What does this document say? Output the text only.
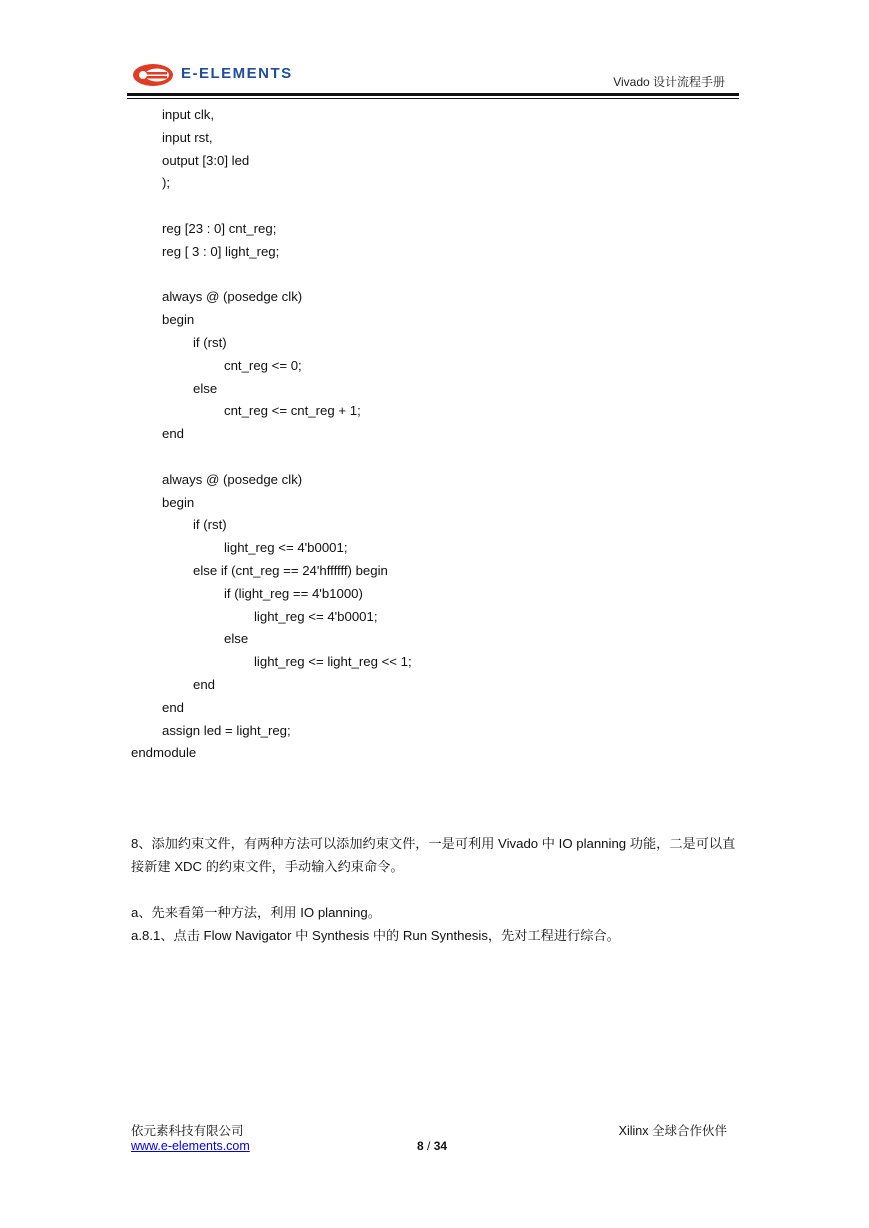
E-ELEMENTS	Vivado 设计流程手册
input clk,
input rst,
output [3:0] led
);
reg [23 : 0] cnt_reg;
reg [ 3 : 0] light_reg;
always @ (posedge clk)
begin
if (rst)
cnt_reg <= 0;
else
cnt_reg <= cnt_reg + 1;
end
always @ (posedge clk)
begin
if (rst)
light_reg <= 4'b0001;
else if (cnt_reg == 24'hffffff) begin
if (light_reg == 4'b1000)
light_reg <= 4'b0001;
else
light_reg <= light_reg << 1;
end
end
assign led = light_reg;
endmodule
8、添加约束文件，有两种方法可以添加约束文件，一是可利用 Vivado 中 IO planning 功能，二是可以直接新建 XDC 的约束文件，手动输入约束命令。
a、先来看第一种方法，利用 IO planning。
a.8.1、点击 Flow Navigator 中 Synthesis 中的 Run Synthesis，先对工程进行综合。
依元素科技有限公司
www.e-elements.com	8 / 34
Xilinx 全球合作伙伴
